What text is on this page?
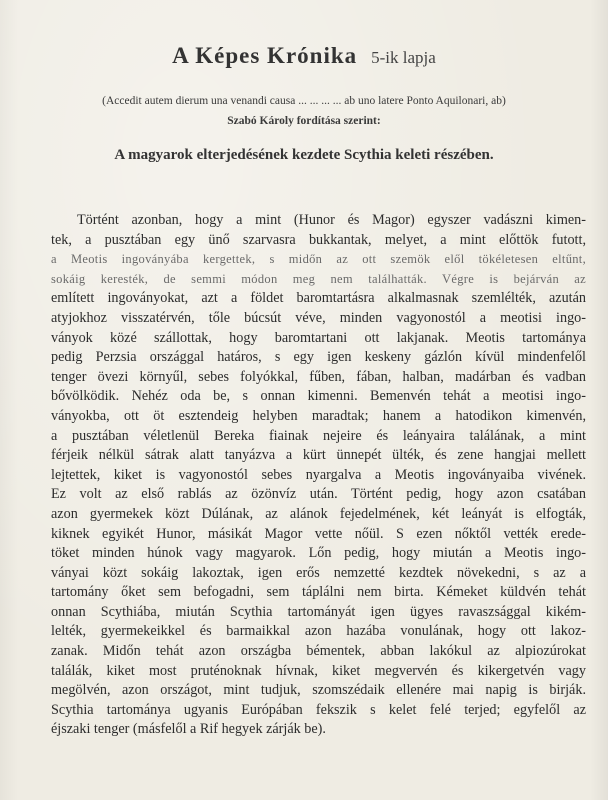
A Képes Krónika 5-ik lapja
(Accedit autem dierum una venandi causa ... ... ... ... ab uno latere Ponto Aquilonari, ab)
Szabó Károly fordítása szerint:
A magyarok elterjedésének kezdete Scythia keleti részében.
Történt azonban, hogy a mint (Hunor és Magor) egyszer vadászni kimen-
tek, a pusztában egy ünő szarvasra bukkantak, melyet, a mint előttök futott,
a Meotis ingoványába kergettek, s midőn az ott szemök elől tökéletesen eltűnt,
sokáig keresték, de semmi módon meg nem találhatták. Végre is bejárván az
említett ingoványokat, azt a földet baromtartásra alkalmasnak szemlélték, azután
atyjokhoz visszatérvén, tőle búcsút véve, minden vagyonostól a meotisi ingo-
ványok közé szállottak, hogy baromtartani ott lakjanak. Meotis tartománya
pedig Perzsia országgal határos, s egy igen keskeny gázlón kívül mindenfelől
tenger övezi környűl, sebes folyókkal, fűben, fában, halban, madárban és vadban
bővölködik. Nehéz oda be, s onnan kimenni. Bemenvén tehát a meotisi ingo-
ványokba, ott öt esztendeig helyben maradtak; hanem a hatodikon kimenvén,
a pusztában véletlenül Bereka fiainak nejeire és leányaira találának, a mint
férjeik nélkül sátrak alatt tanyázva a kürt ünnepét ülték, és zene hangjai mellett
lejtettek, kiket is vagyonostól sebes nyargalva a Meotis ingoványaiba vivének.
Ez volt az első rablás az özönvíz után. Történt pedig, hogy azon csatában
azon gyermekek közt Dúlának, az alánok fejedelmének, két leányát is elfogták,
kiknek egyikét Hunor, másikát Magor vette nőül. S ezen nőktől vették erede-
töket minden húnok vagy magyarok. Lőn pedig, hogy miután a Meotis ingo-
ványai közt sokáig lakoztak, igen erős nemzetté kezdtek növekedni, s az a
tartomány őket sem befogadni, sem táplálni nem birta. Kémeket küldvén tehát
onnan Scythiába, miután Scythia tartományát igen ügyes ravaszsággal kikém-
lelték, gyermekeikkel és barmaikkal azon hazába vonulának, hogy ott lakoz-
zanak. Midőn tehát azon országba bémentek, abban lakókul az alpiozúrokat
találák, kiket most pruténoknak hívnak, kiket megvervén és kikergetvén vagy
megölvén, azon országot, mint tudjuk, szomszédaik ellenére mai napig is birják.
Scythia tartománya ugyanis Európában fekszik s kelet felé terjed; egyfelől az
éjszaki tenger (másfelől a Rif hegyek zárják be).
